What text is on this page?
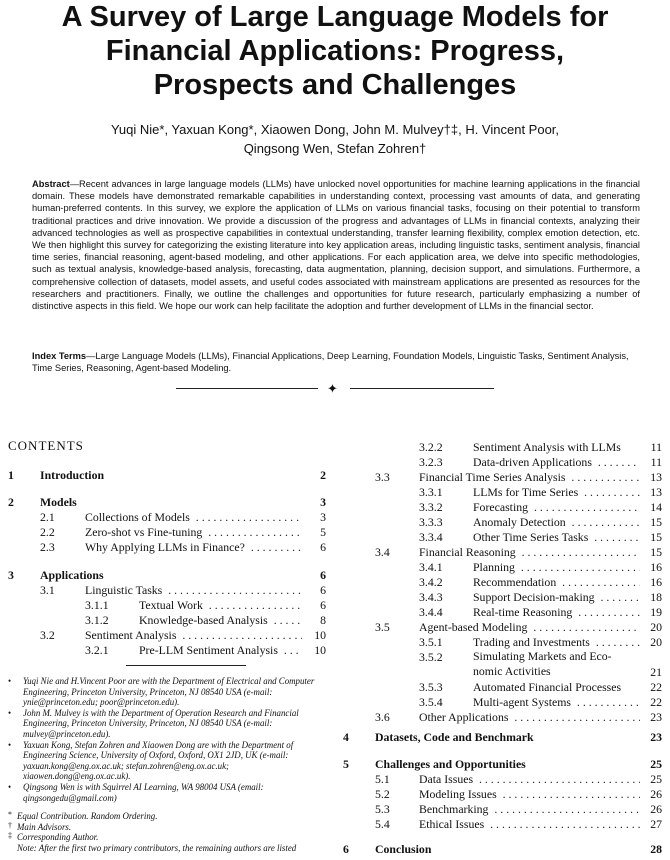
A Survey of Large Language Models for
Financial Applications: Progress,
Prospects and Challenges
Yuqi Nie*, Yaxuan Kong*, Xiaowen Dong, John M. Mulvey†‡, H. Vincent Poor,
Qingsong Wen, Stefan Zohren†

Abstract—Recent advances in large language models (LLMs) have unlocked novel opportunities for machine learning applications in the financial domain. These models have demonstrated remarkable capabilities in understanding context, processing vast amounts of data, and generating human-preferred contents. In this survey, we explore the application of LLMs on various financial tasks, focusing on their potential to transform traditional practices and drive innovation. We provide a discussion of the progress and advantages of LLMs in financial contexts, analyzing their advanced technologies as well as prospective capabilities in contextual understanding, transfer learning flexibility, complex emotion detection, etc. We then highlight this survey for categorizing the existing literature into key application areas, including linguistic tasks, sentiment analysis, financial time series, financial reasoning, agent-based modeling, and other applications. For each application area, we delve into specific methodologies, such as textual analysis, knowledge-based analysis, forecasting, data augmentation, planning, decision support, and simulations. Furthermore, a comprehensive collection of datasets, model assets, and useful codes associated with mainstream applications are presented as resources for the researchers and practitioners. Finally, we outline the challenges and opportunities for future research, particularly emphasizing a number of distinctive aspects in this field. We hope our work can help facilitate the adoption and further development of LLMs in the financial sector.

Index Terms—Large Language Models (LLMs), Financial Applications, Deep Learning, Foundation Models, Linguistic Tasks, Sentiment Analysis, Time Series, Reasoning, Agent-based Modeling.

✦
CONTENTS
1 Introduction	2
2 Models	3
2.1	Collections of Models . . .	3
2.2	Zero-shot vs Fine-tuning . . .	5
2.3	Why Applying LLMs in Finance? . . .	6
3 Applications	6
3.1	Linguistic Tasks . . .	6
3.1.1	Textual Work . . .	6
3.1.2	Knowledge-based Analysis . . .	8
3.2	Sentiment Analysis . . .	10
3.2.1	Pre-LLM Sentiment Analysis . . .	10
3.2.2	Sentiment Analysis with LLMs	11
3.2.3	Data-driven Applications . . .	11
3.3 Financial Time Series Analysis . . .	13
3.3.1	LLMs for Time Series . . .	13
3.3.2	Forecasting . . .	14
3.3.3	Anomaly Detection . . .	15
3.3.4	Other Time Series Tasks . . .	15
3.4 Financial Reasoning . . .	15
3.4.1	Planning . . .	16
3.4.2	Recommendation . . .	16
3.4.3	Support Decision-making . . .	18
3.4.4	Real-time Reasoning . . .	19
3.5 Agent-based Modeling . . .	20
3.5.1	Trading and Investments . . .	20
3.5.2	Simulating Markets and Eco-
nomic Activities	21
3.5.3	Automated Financial Processes	22
3.5.4	Multi-agent Systems . . .	22
3.6 Other Applications . . .	23
4 Datasets, Code and Benchmark	23
5 Challenges and Opportunities	25
5.1 Data Issues . . .	25
5.2 Modeling Issues . . .	26
5.3 Benchmarking . . .	26
5.4 Ethical Issues . . .	27
6 Conclusion	28
• Yuqi Nie and H.Vincent Poor are with the Department of Electrical and Computer Engineering, Princeton University, Princeton, NJ 08540 USA (e-mail: ynie@princeton.edu; poor@princeton.edu).
• John M. Mulvey is with the Department of Operation Research and Financial Engineering, Princeton University, Princeton, NJ 08540 USA (e-mail: mulvey@princeton.edu).
• Yaxuan Kong, Stefan Zohren and Xiaowen Dong are with the Department of Engineering Science, University of Oxford, Oxford, OX1 2JD, UK (e-mail: yaxuan.kong@eng.ox.ac.uk; stefan.zohren@eng.ox.ac.uk; xiaowen.dong@eng.ox.ac.uk).
• Qingsong Wen is with Squirrel AI Learning, WA 98004 USA (email: qingsongedu@gmail.com)
* Equal Contribution. Random Ordering.
† Main Advisors.
‡ Corresponding Author.
Note: After the first two primary contributors, the remaining authors are listed
